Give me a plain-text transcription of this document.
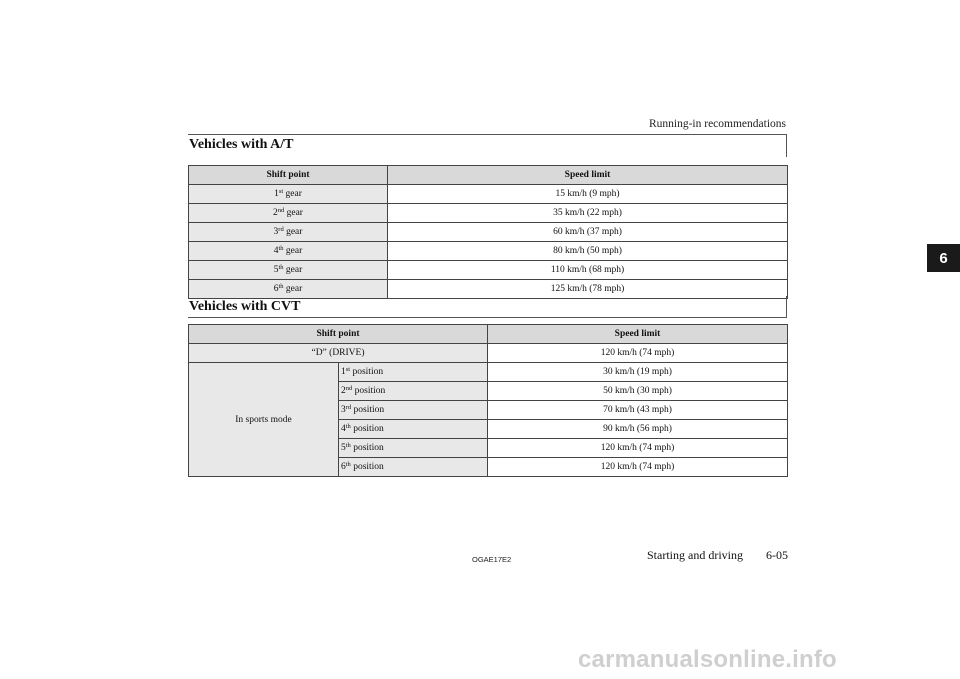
Running-in recommendations
6
Vehicles with A/T
Shift point	Speed limit
1st gear	15 km/h (9 mph)
2nd gear	35 km/h (22 mph)
3rd gear	60 km/h (37 mph)
4th gear	80 km/h (50 mph)
5th gear	110 km/h (68 mph)
6th gear	125 km/h (78 mph)
Vehicles with CVT
Shift point		Speed limit
“D” (DRIVE)		120 km/h (74 mph)
In sports mode	1st position	30 km/h (19 mph)
	2nd position	50 km/h (30 mph)
	3rd position	70 km/h (43 mph)
	4th position	90 km/h (56 mph)
	5th position	120 km/h (74 mph)
	6th position	120 km/h (74 mph)
OGAE17E2	Starting and driving 6-05
carmanualsonline.info
